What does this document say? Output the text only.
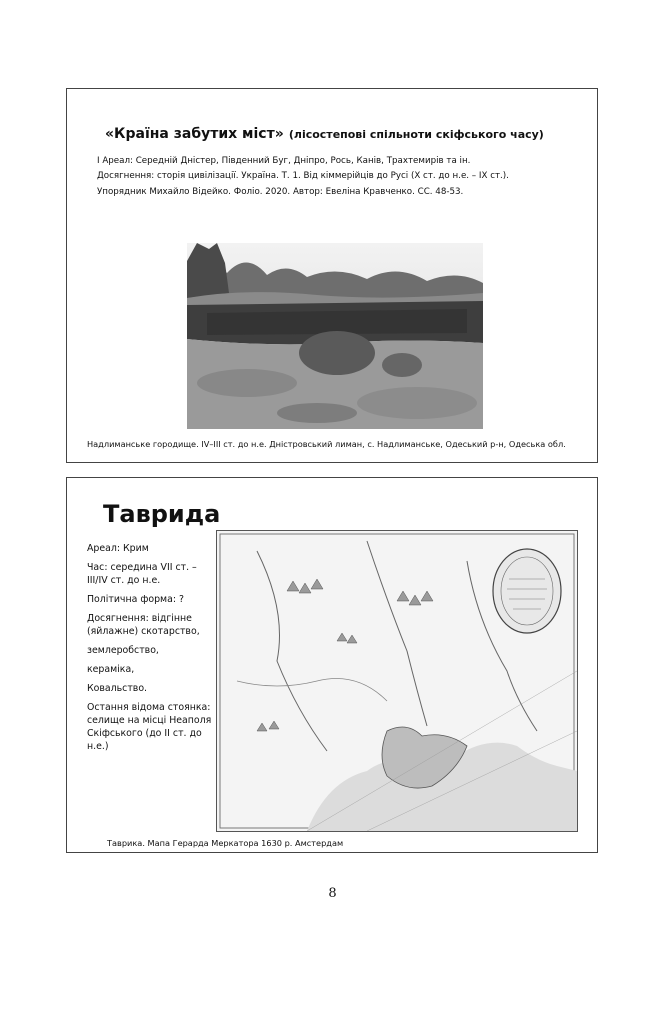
«Країна забутих міст» (лісостепові спільноти скіфського часу)
І Ареал: Середній Дністер, Південний Буг, Дніпро, Рось, Канів, Трахтемирів та ін.
Досягнення: сторія цивілізації. Україна. Т. 1. Від кіммерійців до Русі (Х ст. до н.е. – ІХ ст.).
Упорядник Михайло Відейко. Фоліо. 2020. Автор: Евеліна Кравченко. СС. 48-53.
Надлиманське городище. ІV–ІІІ ст. до н.е. Дністровський лиман, с. Надлиманське, Одеський р-н, Одеська обл.
Таврида
Ареал: Крим
Час: середина VII ст. – III/IV ст. до н.е.
Політична форма: ?
Досягнення: відгінне (яйлажне) скотарство,
землеробство,
кераміка,
Ковальство.
Остання відома стоянка: селище на місці Неаполя Скіфського (до ІІ ст. до н.е.)
Таврика. Мапа Герарда Меркатора 1630 р. Амстердам
8
